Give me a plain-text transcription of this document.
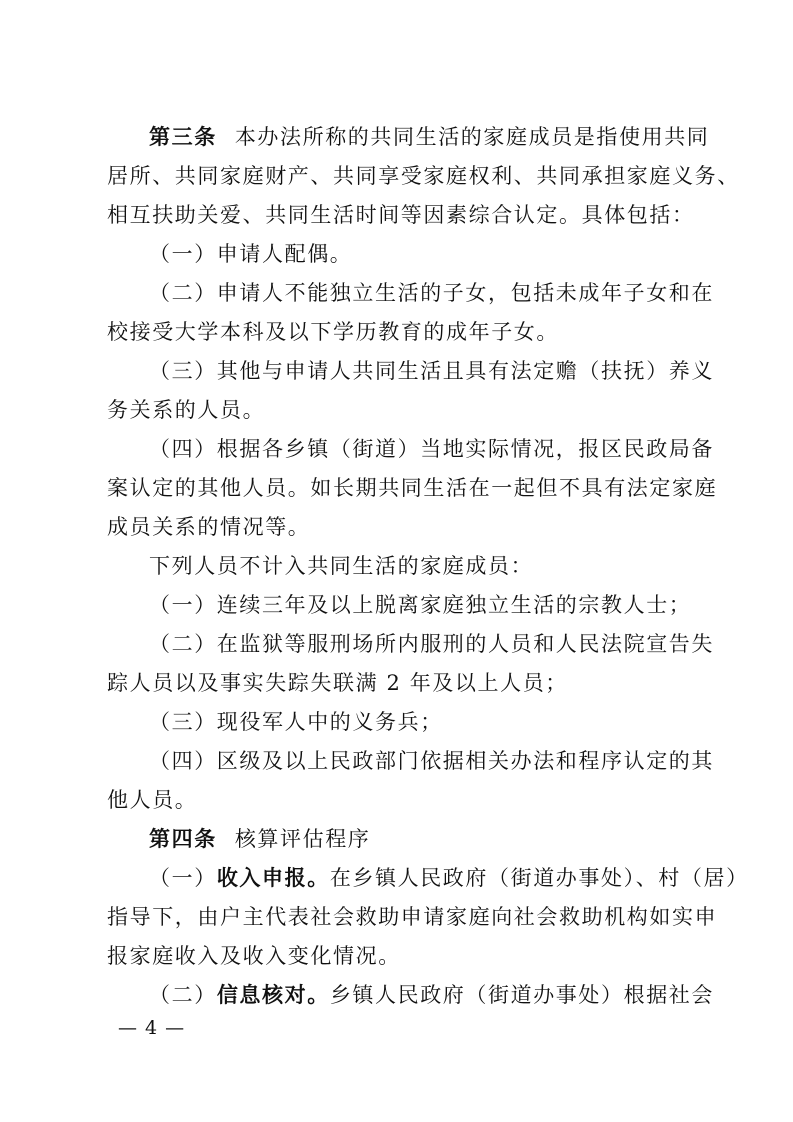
第三条 本办法所称的共同生活的家庭成员是指使用共同
居所、共同家庭财产、共同享受家庭权利、共同承担家庭义务、
相互扶助关爱、共同生活时间等因素综合认定。具体包括：
（一）申请人配偶。
（二）申请人不能独立生活的子女，包括未成年子女和在
校接受大学本科及以下学历教育的成年子女。
（三）其他与申请人共同生活且具有法定赡（扶抚）养义
务关系的人员。
（四）根据各乡镇（街道）当地实际情况，报区民政局备
案认定的其他人员。如长期共同生活在一起但不具有法定家庭
成员关系的情况等。
下列人员不计入共同生活的家庭成员：
（一）连续三年及以上脱离家庭独立生活的宗教人士；
（二）在监狱等服刑场所内服刑的人员和人民法院宣告失
踪人员以及事实失踪失联满 2 年及以上人员；
（三）现役军人中的义务兵；
（四）区级及以上民政部门依据相关办法和程序认定的其
他人员。
第四条 核算评估程序
（一）收入申报。在乡镇人民政府（街道办事处）、村（居）
指导下，由户主代表社会救助申请家庭向社会救助机构如实申
报家庭收入及收入变化情况。
（二）信息核对。乡镇人民政府（街道办事处）根据社会
— 4 —
